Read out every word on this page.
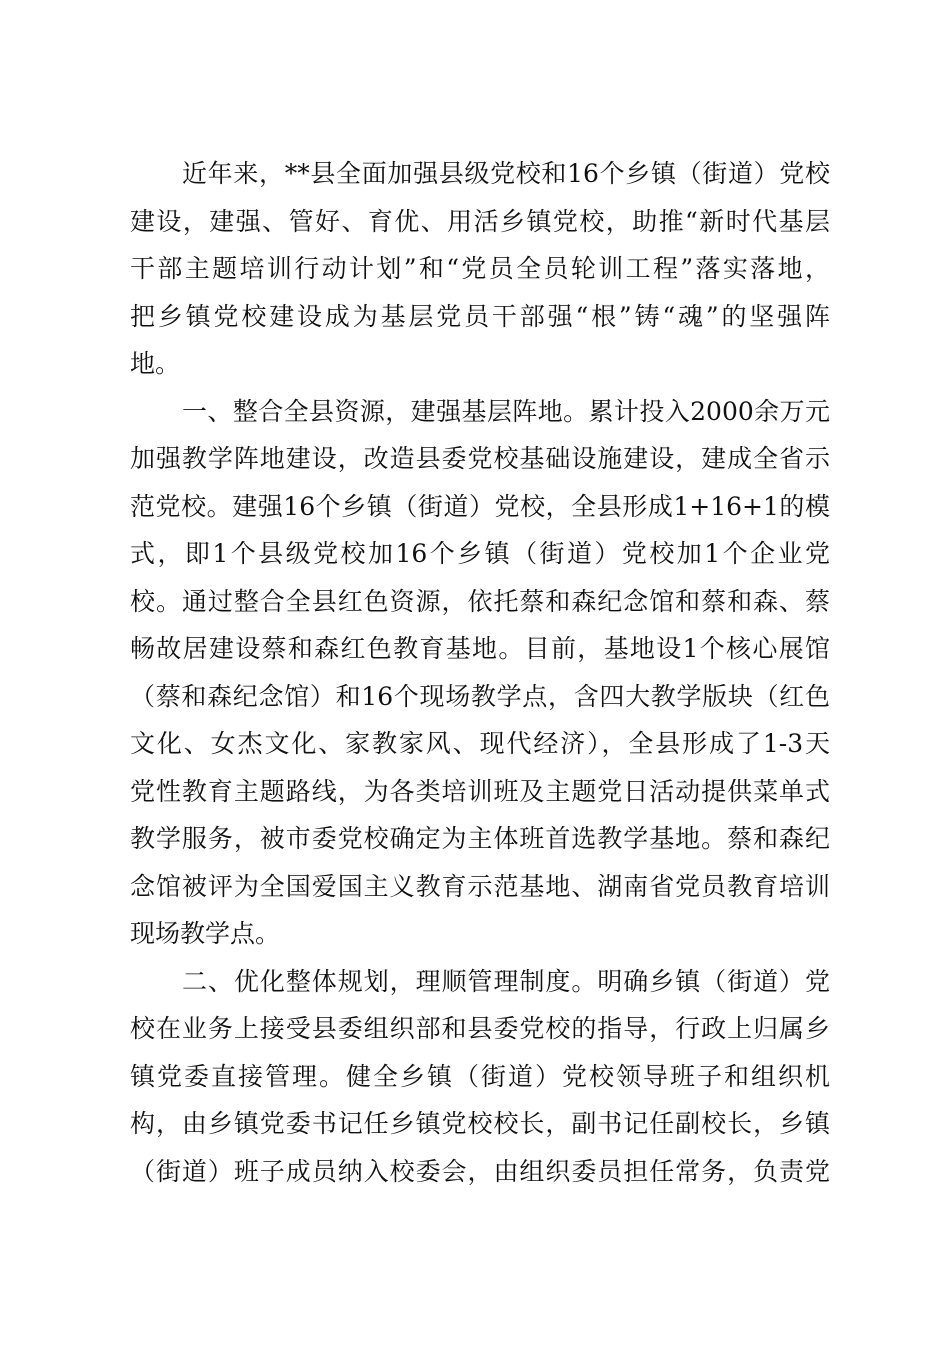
近年来，**县全面加强县级党校和16个乡镇（街道）党校
建设，建强、管好、育优、用活乡镇党校，助推“新时代基层
干部主题培训行动计划”和“党员全员轮训工程”落实落地，
把乡镇党校建设成为基层党员干部强“根”铸“魂”的坚强阵
地。
一、整合全县资源，建强基层阵地。累计投入2000余万元
加强教学阵地建设，改造县委党校基础设施建设，建成全省示
范党校。建强16个乡镇（街道）党校，全县形成1+16+1的模
式，即1个县级党校加16个乡镇（街道）党校加1个企业党
校。通过整合全县红色资源，依托蔡和森纪念馆和蔡和森、蔡
畅故居建设蔡和森红色教育基地。目前，基地设1个核心展馆
（蔡和森纪念馆）和16个现场教学点，含四大教学版块（红色
文化、女杰文化、家教家风、现代经济），全县形成了1-3天
党性教育主题路线，为各类培训班及主题党日活动提供菜单式
教学服务，被市委党校确定为主体班首选教学基地。蔡和森纪
念馆被评为全国爱国主义教育示范基地、湖南省党员教育培训
现场教学点。
二、优化整体规划，理顺管理制度。明确乡镇（街道）党
校在业务上接受县委组织部和县委党校的指导，行政上归属乡
镇党委直接管理。健全乡镇（街道）党校领导班子和组织机
构，由乡镇党委书记任乡镇党校校长，副书记任副校长，乡镇
（街道）班子成员纳入校委会，由组织委员担任常务，负责党
